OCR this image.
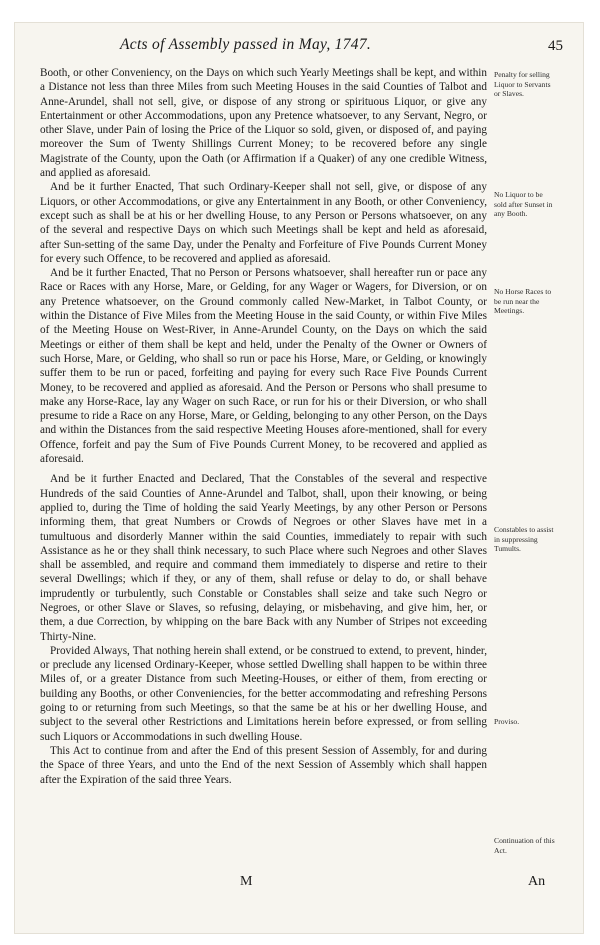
Acts of Assembly passed in May, 1747.	45

Booth, or other Conveniency, on the Days on which such Yearly Meetings shall be kept, and within a Distance not less than three Miles from such Meeting Houses in the said Counties of Talbot and Anne-Arundel, shall not sell, give, or dispose of any strong or spirituous Liquor, or give any Entertainment or other Accommodations, upon any Pretence whatsoever, to any Servant, Negro, or other Slave, under Pain of losing the Price of the Liquor so sold, given, or disposed of, and paying moreover the Sum of Twenty Shillings Current Money; to be recovered before any single Magistrate of the County, upon the Oath (or Affirmation if a Quaker) of any one credible Witness, and applied as aforesaid.

And be it further Enacted, That such Ordinary-Keeper shall not sell, give, or dispose of any Liquors, or other Accommodations, or give any Entertainment in any Booth, or other Conveniency, except such as shall be at his or her dwelling House, to any Person or Persons whatsoever, on any of the several and respective Days on which such Meetings shall be kept and held as aforesaid, after Sun-setting of the same Day, under the Penalty and Forfeiture of Five Pounds Current Money for every such Offence, to be recovered and applied as aforesaid.

And be it further Enacted, That no Person or Persons whatsoever, shall hereafter run or pace any Race or Races with any Horse, Mare, or Gelding, for any Wager or Wagers, for Diversion, or on any Pretence whatsoever, on the Ground commonly called New-Market, in Talbot County, or within the Distance of Five Miles from the Meeting House in the said County, or within Five Miles of the Meeting House on West-River, in Anne-Arundel County, on the Days on which the said Meetings or either of them shall be kept and held, under the Penalty of the Owner or Owners of such Horse, Mare, or Gelding, who shall so run or pace his Horse, Mare, or Gelding, or knowingly suffer them to be run or paced, forfeiting and paying for every such Race Five Pounds Current Money, to be recovered and applied as aforesaid. And the Person or Persons who shall presume to make any Horse-Race, lay any Wager on such Race, or run for his or their Diversion, or who shall presume to ride a Race on any Horse, Mare, or Gelding, belonging to any other Person, on the Days and within the Distances from the said respective Meeting Houses afore-mentioned, shall for every Offence, forfeit and pay the Sum of Five Pounds Current Money, to be recovered and applied as aforesaid.

And be it further Enacted and Declared, That the Constables of the several and respective Hundreds of the said Counties of Anne-Arundel and Talbot, shall, upon their knowing, or being applied to, during the Time of holding the said Yearly Meetings, by any other Person or Persons informing them, that great Numbers or Crowds of Negroes or other Slaves have met in a tumultuous and disorderly Manner within the said Counties, immediately to repair with such Assistance as he or they shall think necessary, to such Place where such Negroes and other Slaves shall be assembled, and require and command them immediately to disperse and retire to their several Dwellings; which if they, or any of them, shall refuse or delay to do, or shall behave imprudently or turbulently, such Constable or Constables shall seize and take such Negro or Negroes, or other Slave or Slaves, so refusing, delaying, or misbehaving, and give him, her, or them, a due Correction, by whipping on the bare Back with any Number of Stripes not exceeding Thirty-Nine.

Provided Always, That nothing herein shall extend, or be construed to extend, to prevent, hinder, or preclude any licensed Ordinary-Keeper, whose settled Dwelling shall happen to be within three Miles of, or a greater Distance from such Meeting-Houses, or either of them, from erecting or building any Booths, or other Conveniencies, for the better accommodating and refreshing Persons going to or returning from such Meetings, so that the same be at his or her dwelling House, and subject to the several other Restrictions and Limitations herein before expressed, or from selling such Liquors or Accommodations in such dwelling House.

This Act to continue from and after the End of this present Session of Assembly, for and during the Space of three Years, and unto the End of the next Session of Assembly which shall happen after the Expiration of the said three Years.

Penalty for selling Liquor to Servants or Slaves.
No Liquor to be sold after Sunset in any Booth.
No Horse Races to be run near the Meetings.
Constables to assist in suppressing Tumults.
Proviso.
Continuation of this Act.
M	An
